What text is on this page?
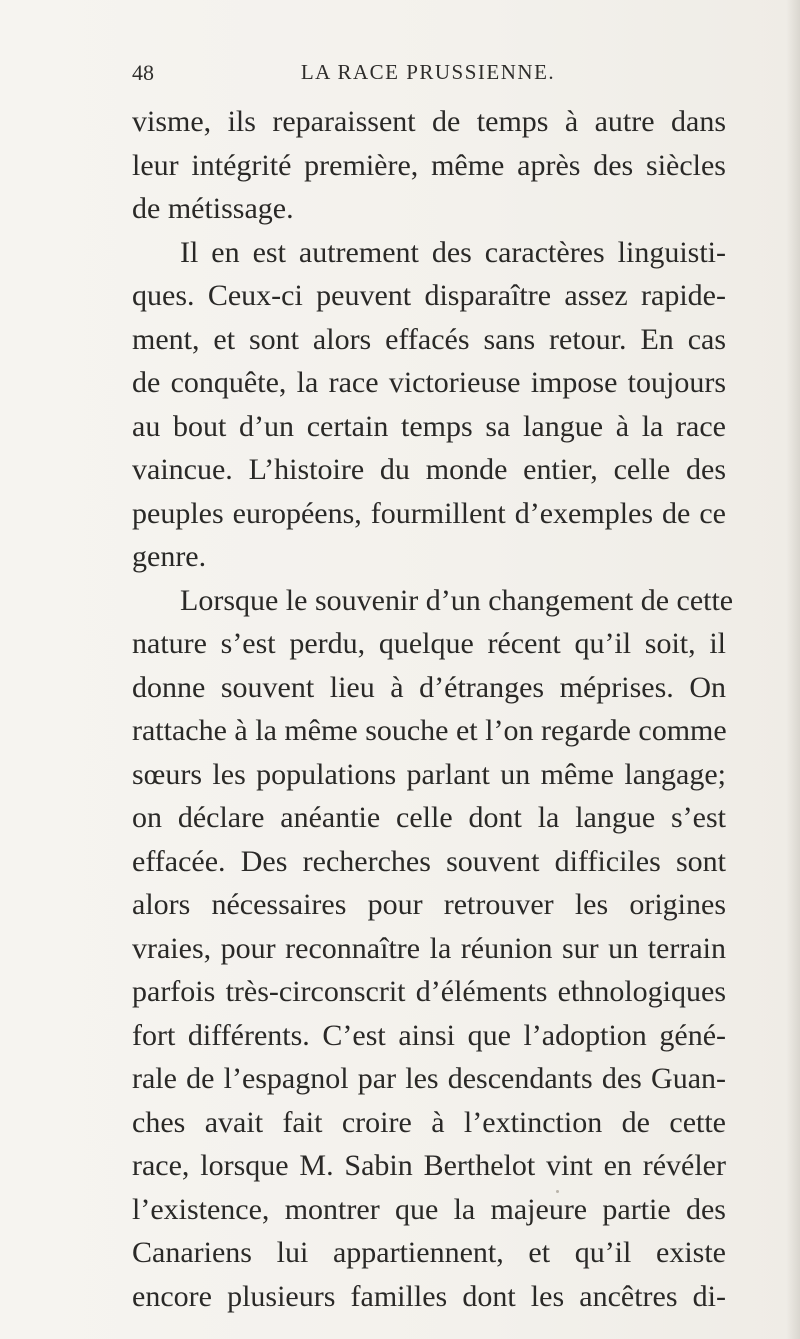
48	LA RACE PRUSSIENNE.
visme, ils reparaissent de temps à autre dans
leur intégrité première, même après des siècles
de métissage.
Il en est autrement des caractères linguisti-
ques. Ceux-ci peuvent disparaître assez rapide-
ment, et sont alors effacés sans retour. En cas
de conquête, la race victorieuse impose toujours
au bout d’un certain temps sa langue à la race
vaincue. L’histoire du monde entier, celle des
peuples européens, fourmillent d’exemples de ce
genre.
Lorsque le souvenir d’un changement de cette
nature s’est perdu, quelque récent qu’il soit, il
donne souvent lieu à d’étranges méprises. On
rattache à la même souche et l’on regarde comme
sœurs les populations parlant un même langage;
on déclare anéantie celle dont la langue s’est
effacée. Des recherches souvent difficiles sont
alors nécessaires pour retrouver les origines
vraies, pour reconnaître la réunion sur un terrain
parfois très-circonscrit d’éléments ethnologiques
fort différents. C’est ainsi que l’adoption géné-
rale de l’espagnol par les descendants des Guan-
ches avait fait croire à l’extinction de cette
race, lorsque M. Sabin Berthelot vint en révéler
l’existence, montrer que la majeure partie des
Canariens lui appartiennent, et qu’il existe
encore plusieurs familles dont les ancêtres di-
